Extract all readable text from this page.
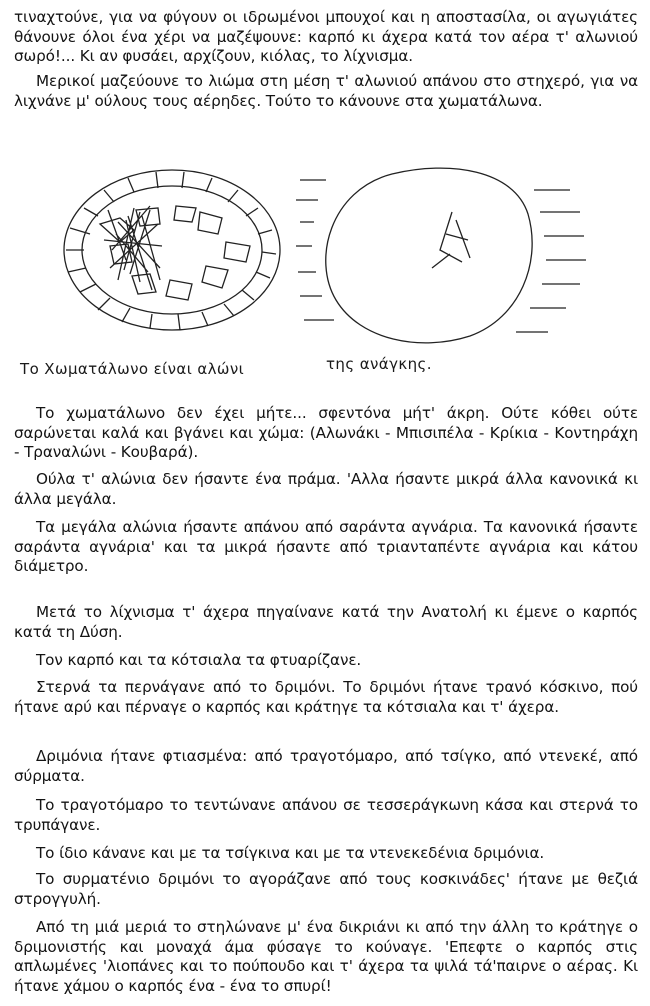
τιναχτούνε, για να φύγουν οι ιδρωμένοι μπουχοί και η αποστασίλα, οι αγωγιάτες θάνουνε όλοι ένα χέρι να μαζέψουνε: καρπό κι άχερα κατά τον αέρα τ' αλωνιού σωρό!... Κι αν φυσάει, αρχίζουν, κιόλας, το λίχνισμα.

Μερικοί μαζεύουνε το λιώμα στη μέση τ' αλωνιού απάνου στο στηχερό, για να λιχνάνε μ' ούλους τους αέρηδες. Τούτο το κάνουνε στα χωματάλωνα.

Το Χωματάλωνο είναι αλώνι	της ανάγκης.

Το χωματάλωνο δεν έχει μήτε... σφεντόνα μήτ' άκρη. Ούτε κόθει ούτε σαρώνεται καλά και βγάνει και χώμα: (Αλωνάκι - Μπισιπέλα - Κρίκια - Κοντηράχη - Τραναλώνι - Κουβαρά).

Ούλα τ' αλώνια δεν ήσαντε ένα πράμα. 'Αλλα ήσαντε μικρά άλλα κανονικά κι άλλα μεγάλα.

Τα μεγάλα αλώνια ήσαντε απάνου από σαράντα αγνάρια. Τα κανονικά ήσαντε σαράντα αγνάρια' και τα μικρά ήσαντε από τριανταπέντε αγνάρια και κάτου διάμετρο.

Μετά το λίχνισμα τ' άχερα πηγαίνανε κατά την Ανατολή κι έμενε ο καρπός κατά τη Δύση.

Τον καρπό και τα κότσιαλα τα φτυαρίζανε.

Στερνά τα περνάγανε από το δριμόνι. Το δριμόνι ήτανε τρανό κόσκινο, πού ήτανε αρύ και πέρναγε ο καρπός και κράτηγε τα κότσιαλα και τ' άχερα.

Δριμόνια ήτανε φτιασμένα: από τραγοτόμαρο, από τσίγκο, από ντενεκέ, από σύρματα.

Το τραγοτόμαρο το τεντώνανε απάνου σε τεσσεράγκωνη κάσα και στερνά το τρυπάγανε.

Το ίδιο κάνανε και με τα τσίγκινα και με τα ντενεκεδένια δριμόνια.

Το συρματένιο δριμόνι το αγοράζανε από τους κοσκινάδες' ήτανε με θεζιά στρογγυλή.

Από τη μιά μεριά το στηλώνανε μ' ένα δικριάνι κι από την άλλη το κράτηγε ο δριμονιστής και μοναχά άμα φύσαγε το κούναγε. 'Επεφτε ο καρπός στις απλωμένες 'λιοπάνες και το πούπουδο και τ' άχερα τα ψιλά τά'παιρνε ο αέρας. Κι ήτανε χάμου ο καρπός ένα - ένα το σπυρί!
